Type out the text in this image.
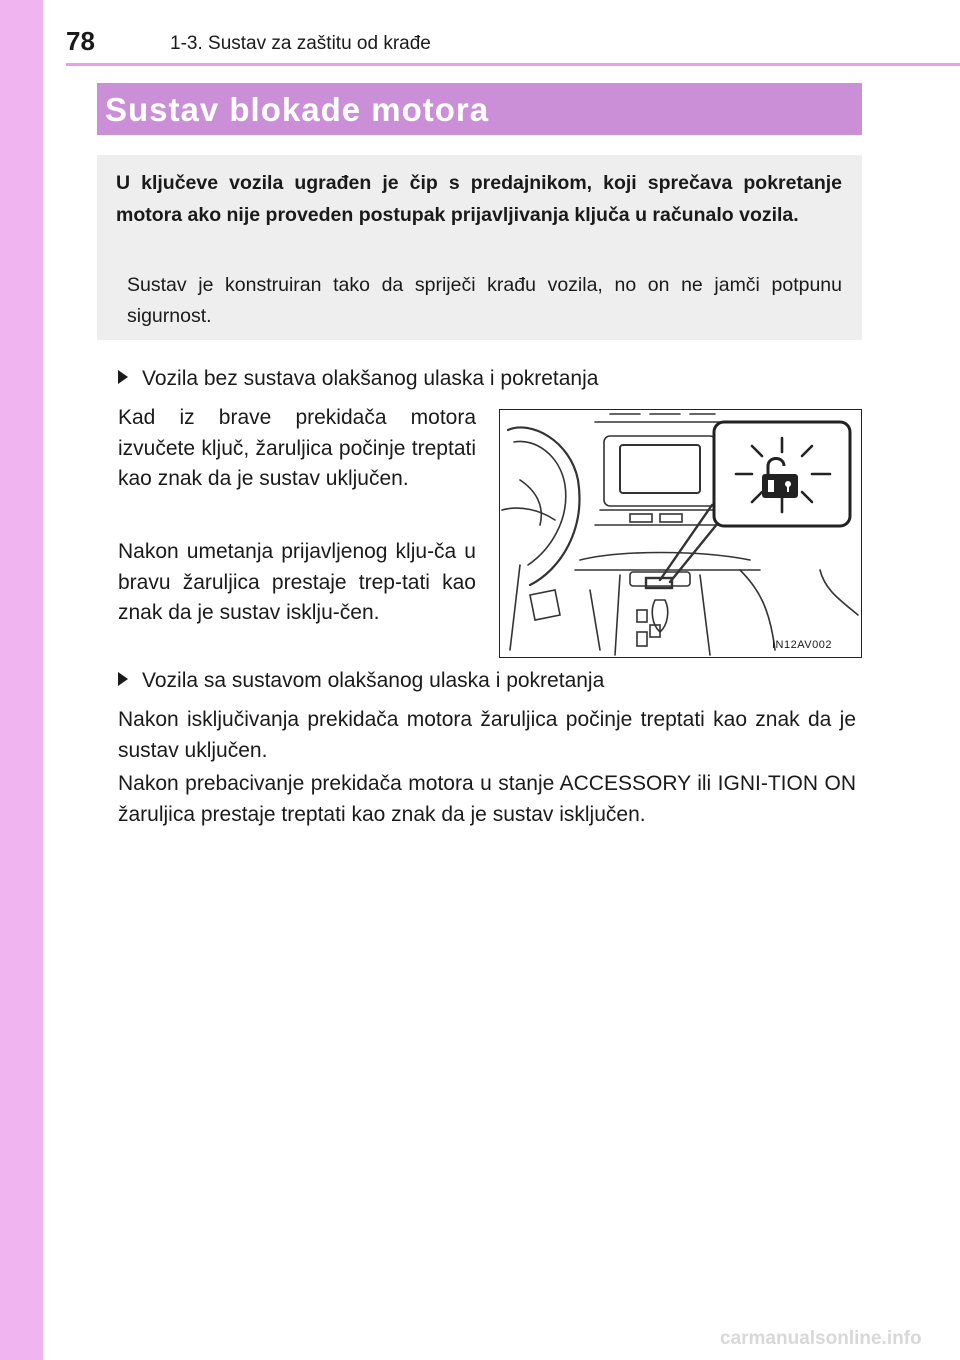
78	1-3. Sustav za zaštitu od krađe
Sustav blokade motora
U ključeve vozila ugrađen je čip s predajnikom, koji sprečava pokretanje motora ako nije proveden postupak prijavljivanja ključa u računalo vozila.
Sustav je konstruiran tako da spriječi krađu vozila, no on ne jamči potpunu sigurnost.
Vozila bez sustava olakšanog ulaska i pokretanja
Kad iz brave prekidača motora izvučete ključ, žaruljica počinje treptati kao znak da je sustav uključen.
Nakon umetanja prijavljenog klju-ča u bravu žaruljica prestaje trep-tati kao znak da je sustav isklju-čen.
IN12AV002
Vozila sa sustavom olakšanog ulaska i pokretanja
Nakon isključivanja prekidača motora žaruljica počinje treptati kao znak da je sustav uključen.
Nakon prebacivanje prekidača motora u stanje ACCESSORY ili IGNI-TION ON žaruljica prestaje treptati kao znak da je sustav isključen.
carmanualsonline.info
